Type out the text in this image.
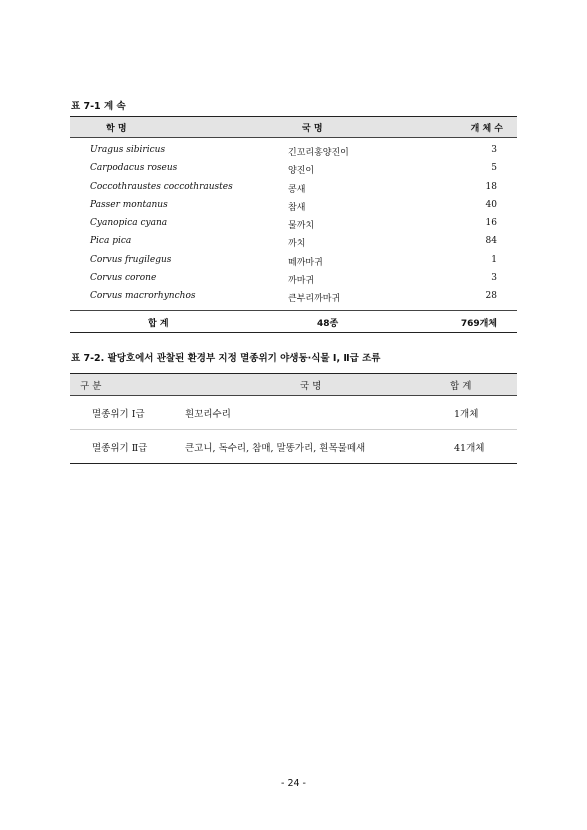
표 7-1 계 속
학 명	국 명	개 체 수
Uragus sibiricus	긴꼬리홍양진이	3
Carpodacus roseus	양진이	5
Coccothraustes coccothraustes	콩새	18
Passer montanus	참새	40
Cyanopica cyana	물까치	16
Pica pica	까치	84
Corvus frugilegus	떼까마귀	1
Corvus corone	까마귀	3
Corvus macrorhynchos	큰부리까마귀	28
합 계	48종	769개체
표 7-2. 팔당호에서 관찰된 환경부 지정 멸종위기 야생동·식물 Ⅰ, Ⅱ급 조류
구 분	국 명	합 계
멸종위기 Ⅰ급	흰꼬리수리	1개체
멸종위기 Ⅱ급	큰고니, 독수리, 참매, 말똥가리, 흰목물떼새	41개체
- 24 -
